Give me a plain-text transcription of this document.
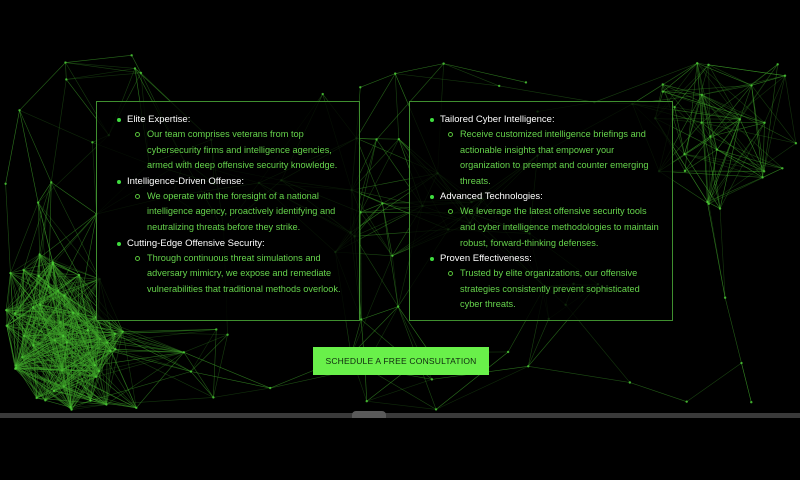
Elite Expertise:
Our team comprises veterans from top
cybersecurity firms and intelligence agencies,
armed with deep offensive security knowledge.
Intelligence-Driven Offense:
We operate with the foresight of a national
intelligence agency, proactively identifying and
neutralizing threats before they strike.
Cutting-Edge Offensive Security:
Through continuous threat simulations and
adversary mimicry, we expose and remediate
vulnerabilities that traditional methods overlook.
Tailored Cyber Intelligence:
Receive customized intelligence briefings and
actionable insights that empower your
organization to preempt and counter emerging
threats.
Advanced Technologies:
We leverage the latest offensive security tools
and cyber intelligence methodologies to maintain
robust, forward-thinking defenses.
Proven Effectiveness:
Trusted by elite organizations, our offensive
strategies consistently prevent sophisticated
cyber threats.
SCHEDULE A FREE CONSULTATION
